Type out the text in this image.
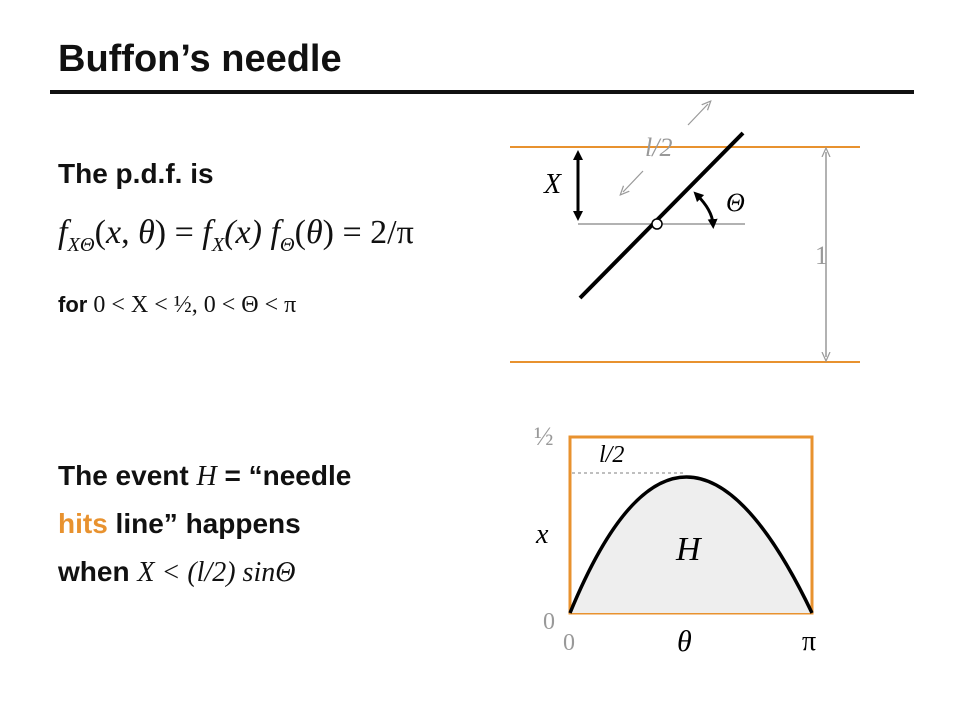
Buffon’s needle
The p.d.f. is
$f_{X\Theta}(x$, $\theta) = f_X(x) f_\Theta(\theta) = 2/\pi$
for 0 < X < ½, 0 < Θ < π
The event H = “needle
hits line” happens
when X < (l/2) sinΘ
1
X
Θ
l/2
l/2
H
½
x
0
0	θ	π
